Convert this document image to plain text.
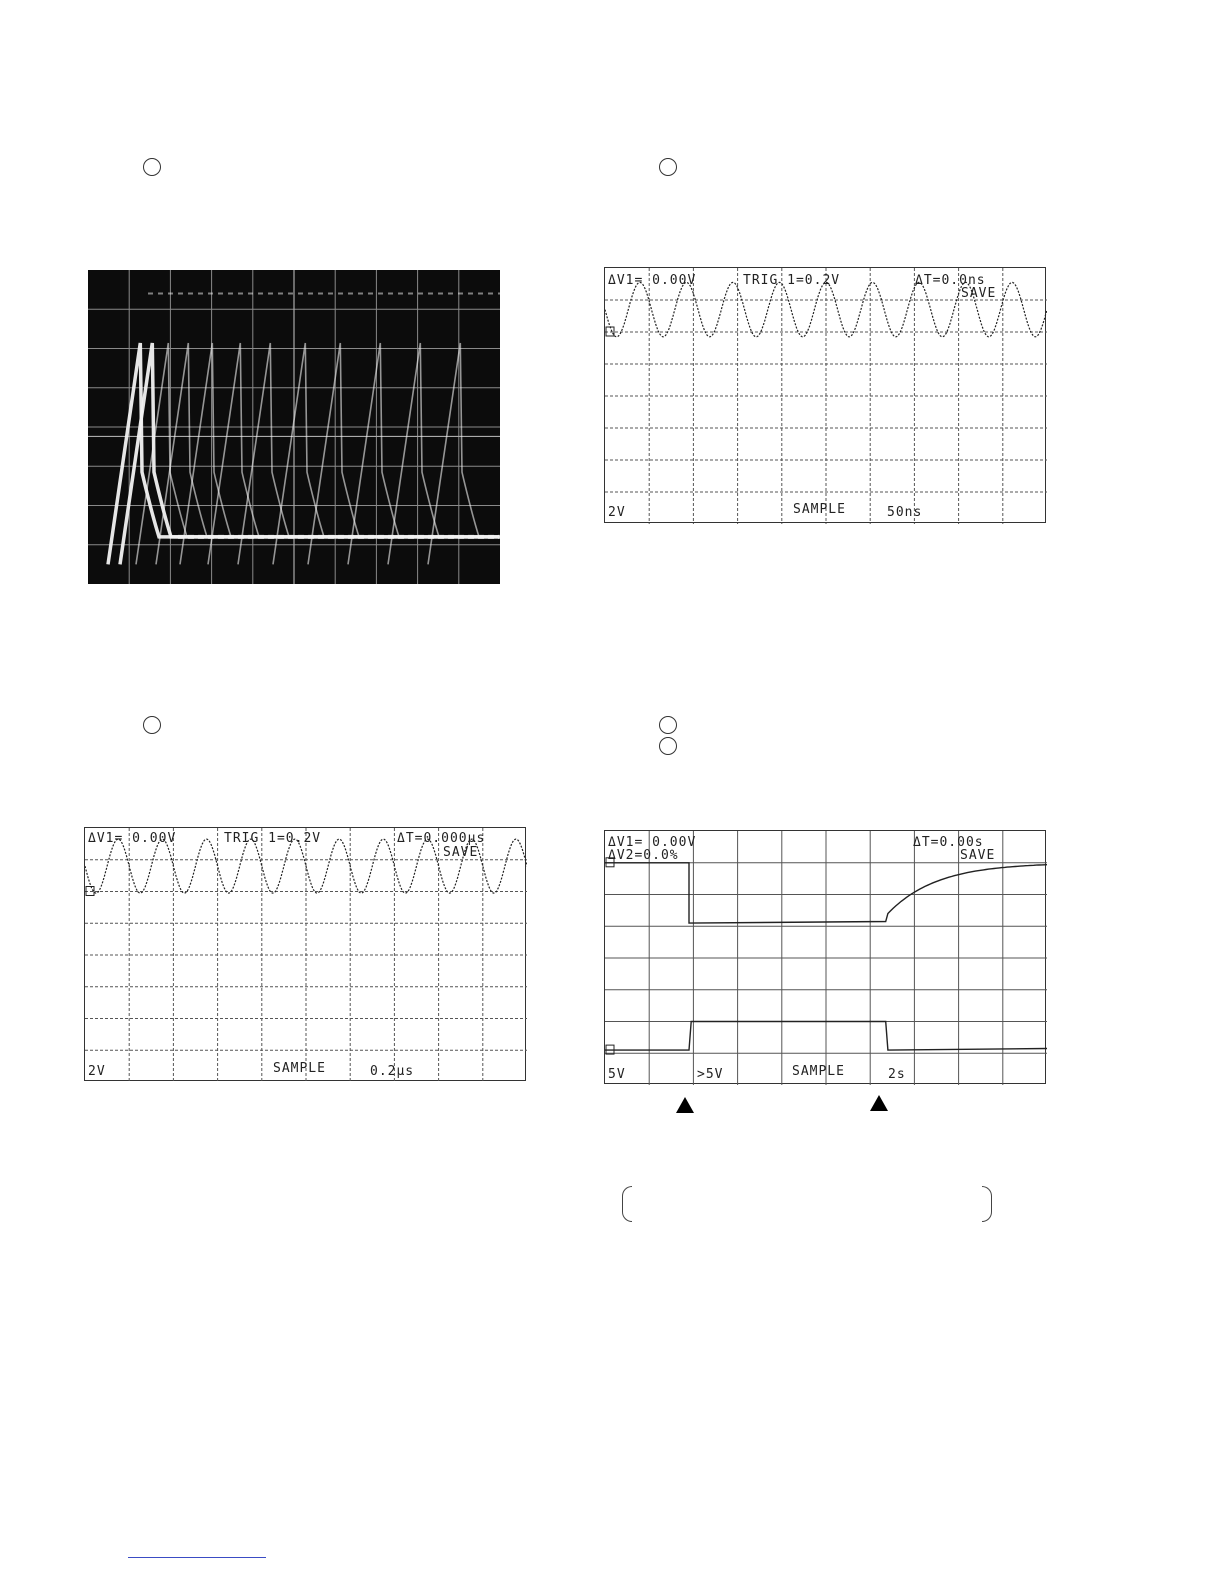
ΔV1= 0.00V	TRIG 1=0.2V	ΔT=0.0ns
SAVE
2V	SAMPLE	50ns
ΔV1= 0.00V	TRIG 1=0.2V	ΔT=0.000µs
SAVE
2V	SAMPLE	0.2µs
ΔV1= 0.00V
ΔV2=0.0%
ΔT=0.00s
SAVE
5V	>5V	SAMPLE	2s
